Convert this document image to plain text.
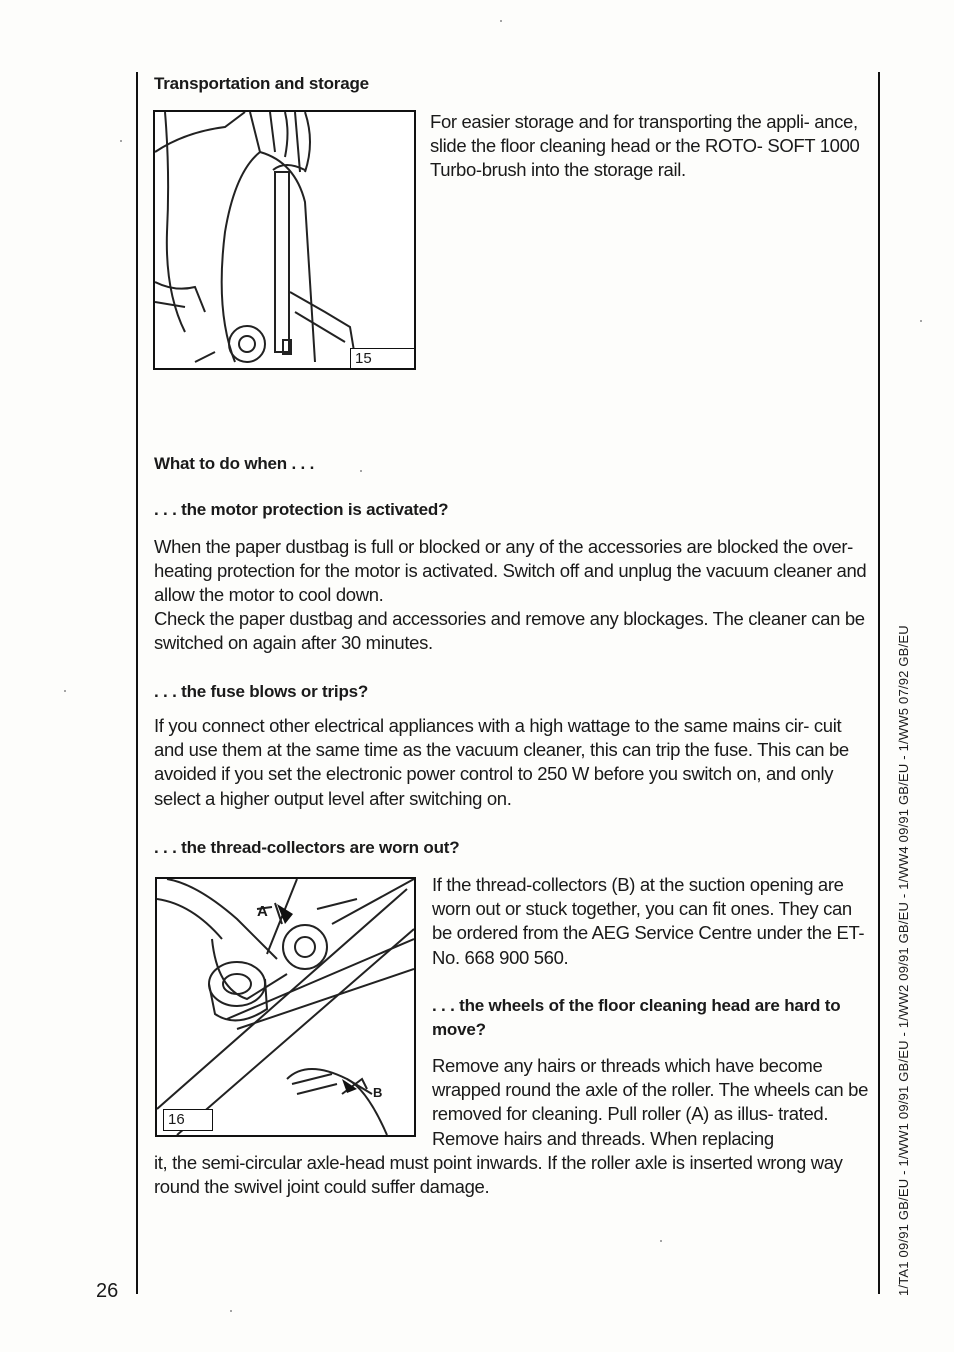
Transportation and storage
15
For easier storage and for transporting the appli- ance, slide the floor cleaning head or the ROTO- SOFT 1000 Turbo-brush into the storage rail.
What to do when . . .
. . . the motor protection is activated?
When the paper dustbag is full or blocked or any of the accessories are blocked the over-heating protection for the motor is activated. Switch off and unplug the vacuum cleaner and allow the motor to cool down.
Check the paper dustbag and accessories and remove any blockages. The cleaner can be switched on again after 30 minutes.
. . . the fuse blows or trips?
If you connect other electrical appliances with a high wattage to the same mains cir- cuit and use them at the same time as the vacuum cleaner, this can trip the fuse. This can be avoided if you set the electronic power control to 250 W before you switch on, and only select a higher output level after switching on.
. . . the thread-collectors are worn out?
A
B
16
If the thread-collectors (B) at the suction opening are worn out or stuck together, you can fit ones. They can be ordered from the AEG Service Centre under the ET-No. 668 900 560.
. . . the wheels of the floor cleaning head are hard to move?
Remove any hairs or threads which have become wrapped round the axle of the roller. The wheels can be removed for cleaning. Pull roller (A) as illus- trated. Remove hairs and threads. When replacing
it, the semi-circular axle-head must point inwards. If the roller axle is inserted wrong way round the swivel joint could suffer damage.
26	1/TA1 09/91 GB/EU - 1/WW1 09/91 GB/EU - 1/WW2 09/91 GB/EU - 1/WW4 09/91 GB/EU - 1/WW5 07/92 GB/EU
